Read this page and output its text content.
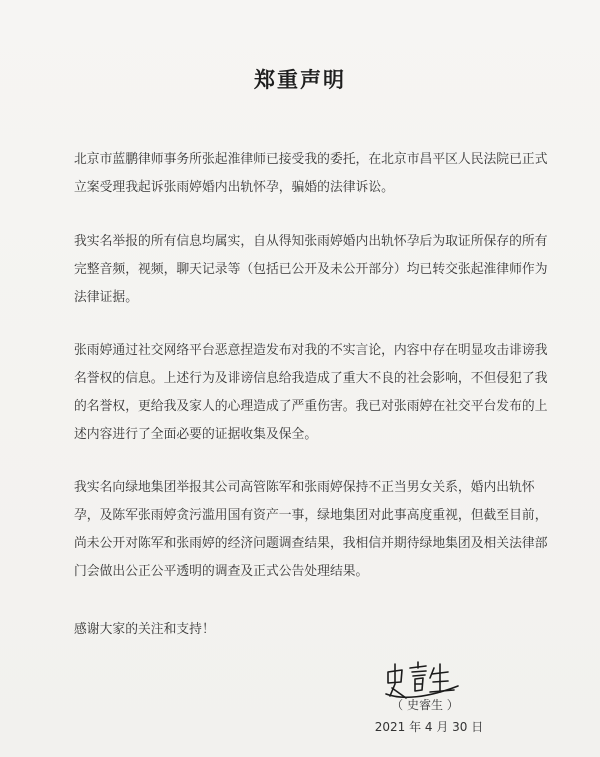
郑重声明
北京市蓝鹏律师事务所张起淮律师已接受我的委托，在北京市昌平区人民法院已正式
立案受理我起诉张雨婷婚内出轨怀孕，骗婚的法律诉讼。
我实名举报的所有信息均属实，自从得知张雨婷婚内出轨怀孕后为取证所保存的所有
完整音频，视频，聊天记录等（包括已公开及未公开部分）均已转交张起淮律师作为
法律证据。
张雨婷通过社交网络平台恶意捏造发布对我的不实言论，内容中存在明显攻击诽谤我
名誉权的信息。上述行为及诽谤信息给我造成了重大不良的社会影响，不但侵犯了我
的名誉权，更给我及家人的心理造成了严重伤害。我已对张雨婷在社交平台发布的上
述内容进行了全面必要的证据收集及保全。
我实名向绿地集团举报其公司高管陈军和张雨婷保持不正当男女关系，婚内出轨怀
孕，及陈军张雨婷贪污滥用国有资产一事，绿地集团对此事高度重视，但截至目前，
尚未公开对陈军和张雨婷的经济问题调查结果，我相信并期待绿地集团及相关法律部
门会做出公正公平透明的调查及正式公告处理结果。
感谢大家的关注和支持！
（ 史睿生 ）
2021 年 4 月 30 日
